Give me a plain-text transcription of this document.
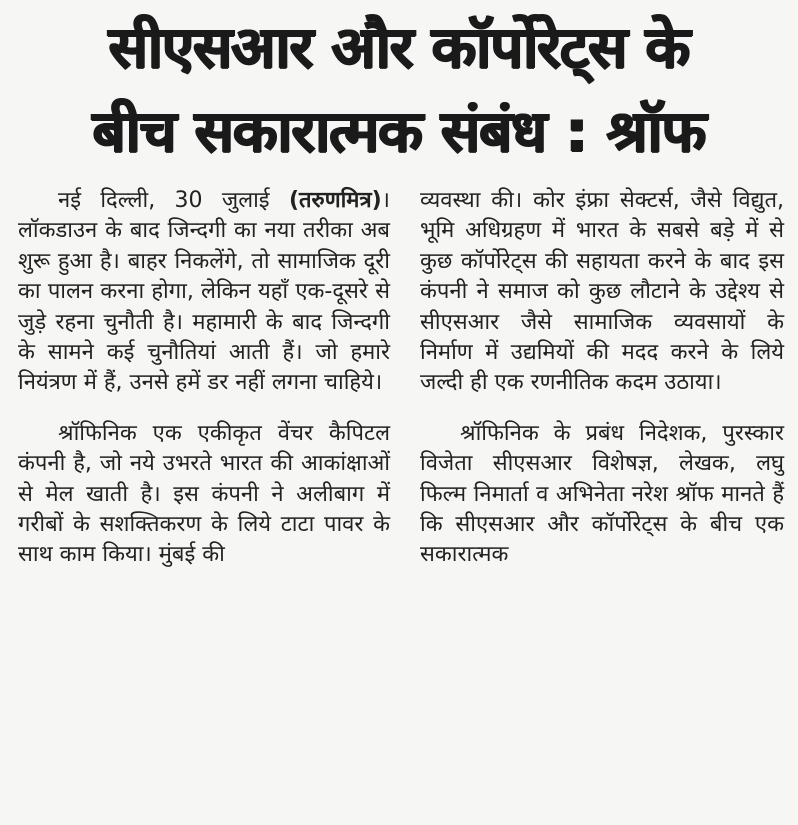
सीएसआर और कॉर्पोरेट्स के
बीच सकारात्मक संबंध : श्रॉफ

नई दिल्ली, 30 जुलाई (तरुणमित्र)। लॉकडाउन के बाद जिन्दगी का नया तरीका अब शुरू हुआ है। बाहर निकलेंगे, तो सामाजिक दूरी का पालन करना होगा, लेकिन यहाँ एक-दूसरे से जुड़े रहना चुनौती है। महामारी के बाद जिन्दगी के सामने कई चुनौतियां आती हैं। जो हमारे नियंत्रण में हैं, उनसे हमें डर नहीं लगना चाहिये।

श्रॉफिनिक एक एकीकृत वेंचर कैपिटल कंपनी है, जो नये उभरते भारत की आकांक्षाओं से मेल खाती है। इस कंपनी ने अलीबाग में गरीबों के सशक्तिकरण के लिये टाटा पावर के साथ काम किया। मुंबई की

व्यवस्था की। कोर इंफ्रा सेक्टर्स, जैसे विद्युत, भूमि अधिग्रहण में भारत के सबसे बड़े में से कुछ कॉर्पोरेट्स की सहायता करने के बाद इस कंपनी ने समाज को कुछ लौटाने के उद्देश्य से सीएसआर जैसे सामाजिक व्यवसायों के निर्माण में उद्यमियों की मदद करने के लिये जल्दी ही एक रणनीतिक कदम उठाया।

श्रॉफिनिक के प्रबंध निदेशक, पुरस्कार विजेता सीएसआर विशेषज्ञ, लेखक, लघु फिल्म निमार्ता व अभिनेता नरेश श्रॉफ मानते हैं कि सीएसआर और कॉर्पोरेट्स के बीच एक सकारात्मक
